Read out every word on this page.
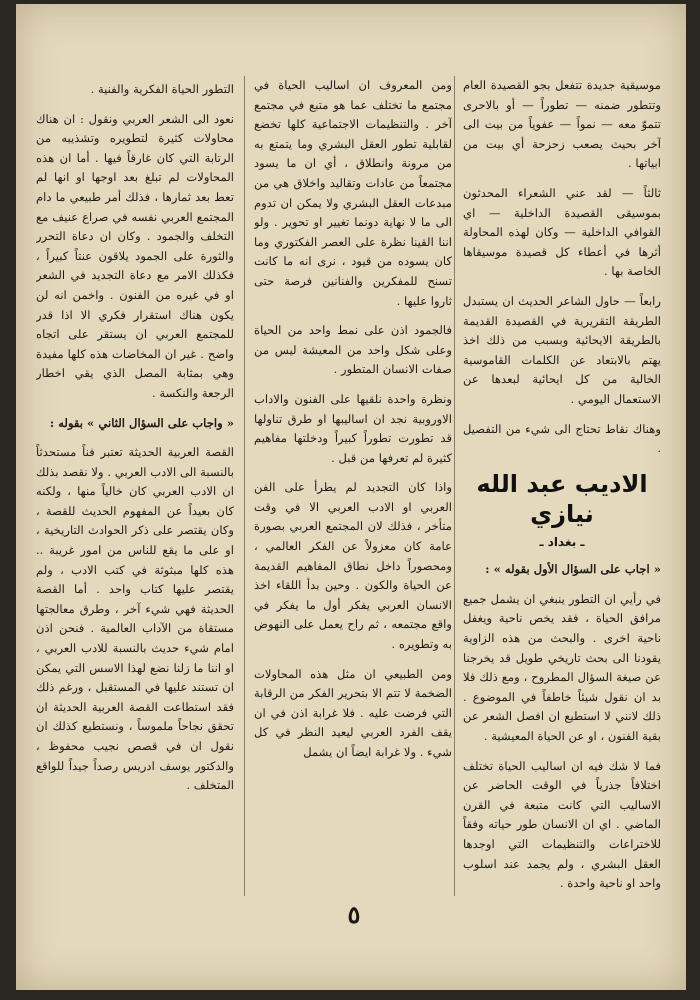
موسيقية جديدة تتفعل بجو القصيدة العام وتتطور ضمنه — تطوراً — أو بالاحرى تتموّ معه — نمواً — عفوياً من بيت الى آخر بحيث يصعب زحزحة أي بيت من ابياتها .

ثالثاً — لقد عني الشعراء المحدثون بموسيقى القصيدة الداخلية — اي القوافي الداخلية — وكان لهذه المحاولة أثرها في أعطاء كل قصيدة موسيقاها الخاصة بها .

رابعاً — حاول الشاعر الحديث ان يستبدل الطريقة التقريرية في القصيدة القديمة بالطريقة الايحائية وبسبب من ذلك اخذ يهتم بالابتعاد عن الكلمات القاموسية الخالية من كل ايحائية لبعدها عن الاستعمال اليومي .

وهناك نقاط تحتاج الى شيء من التفصيل .

الاديب عبد الله نيازي
ـ بغداد ـ

« اجاب على السؤال الأول بقوله » :

في رأيي ان التطور ينبغي ان يشمل جميع مرافق الحياة ، فقد يخص ناحية ويغفل ناحية اخرى . والبحث من هذه الزاوية يقودنا الى بحث تاريخي طويل قد يخرجنا عن صيغة السؤال المطروح ، ومع ذلك فلا بد ان نقول شيئاً خاطفاً في الموضوع . ذلك لانني لا استطيع ان افصل الشعر عن بقية الفنون ، او عن الحياة المعيشية .

فما لا شك فيه ان اساليب الحياة تختلف اختلافاً جذرياً في الوقت الحاضر عن الاساليب التي كانت متبعة في القرن الماضي . اي ان الانسان طور حياته وفقاً للاختراعات والتنظيمات التي اوجدها العقل البشري ، ولم يجمد عند اسلوب واحد او ناحية واحدة .

ومن المعروف ان اساليب الحياة في مجتمع ما تختلف عما هو متبع في مجتمع آخر . والتنظيمات الاجتماعية كلها تخضع لقابلية تطور العقل البشري وما يتمتع به من مرونة وانطلاق ، أي ان ما يسود مجتمعاً من عادات وتقاليد واخلاق هي من مبدعات العقل البشري ولا يمكن ان تدوم الى ما لا نهاية دونما تغيير او تحوير . ولو اننا القينا نظرة على العصر الفكتوري وما كان يسوده من قيود ، نرى انه ما كانت تسنح للمفكرين والفنانين فرصة حتى ثاروا عليها .

فالجمود اذن على نمط واحد من الحياة وعلى شكل واحد من المعيشة ليس من صفات الانسان المتطور .

ونظرة واحدة نلقيها على الفنون والاداب الاوروبية نجد ان اساليبها او طرق تناولها قد تطورت تطوراً كبيراً ودخلتها مفاهيم كثيرة لم تعرفها من قبل .

واذا كان التجديد لم يطرأ على الفن العربي او الادب العربي الا في وقت متأخر ، فذلك لان المجتمع العربي بصورة عامة كان معزولاً عن الفكر العالمي ، ومحصوراً داخل نطاق المفاهيم القديمة عن الحياة والكون . وحين بدأ اللقاء اخذ الانسان العربي يفكر أول ما يفكر في واقع مجتمعه ، ثم راح يعمل على النهوض به وتطويره .

ومن الطبيعي ان مثل هذه المحاولات الضخمة لا تتم الا بتحرير الفكر من الرقابة التي فرضت عليه . فلا غرابة اذن في ان يقف الفرد العربي ليعيد النظر في كل شيء . ولا غرابة ايضاً ان يشمل

التطور الحياة الفكرية والفنية .

نعود الى الشعر العربي ونقول : ان هناك محاولات كثيرة لتطويره وتشذيبه من الرتابة التي كان غارقاً فيها . أما ان هذه المحاولات لم تبلغ بعد اوجها او انها لم تعط بعد ثمارها ، فذلك أمر طبيعي ما دام المجتمع العربي نفسه في صراع عنيف مع التخلف والجمود . وكان ان دعاة التحرر والثورة على الجمود يلاقون عنتاً كبيراً ، فكذلك الامر مع دعاة التجديد في الشعر او في غيره من الفنون . واخمن انه لن يكون هناك استقرار فكري الا اذا قدر للمجتمع العربي ان يستقر على اتجاه واضح . غير ان المخاضات هذه كلها مفيدة وهي بمثابة المصل الذي يقي اخطار الرجعة والنكسة .

« واجاب على السؤال الثاني » بقوله :

القصة العربية الحديثة تعتبر فناً مستحدثاً بالنسبة الى الادب العربي . ولا نقصد بذلك ان الادب العربي كان خالياً منها ، ولكنه كان بعيداً عن المفهوم الحديث للقصة ، وكان يقتصر على ذكر الحوادث التاريخية ، او على ما يقع للناس من امور غريبة .. هذه كلها مبثوثة في كتب الادب ، ولم يقتصر عليها كتاب واحد . أما القصة الحديثة فهي شيء آخر ، وطرق معالجتها مستقاة من الآداب العالمية . فنحن اذن امام شيء حديث بالنسبة للادب العربي ، او اننا ما زلنا نضع لهذا الاسس التي يمكن ان تستند عليها في المستقبل ، ورغم ذلك فقد استطاعت القصة العربية الحديثة ان تحقق نجاحاً ملموساً ، ونستطيع كذلك ان نقول ان في قصص نجيب محفوظ ، والدكتور يوسف ادريس رصداً جيداً للواقع المتخلف .

٥
